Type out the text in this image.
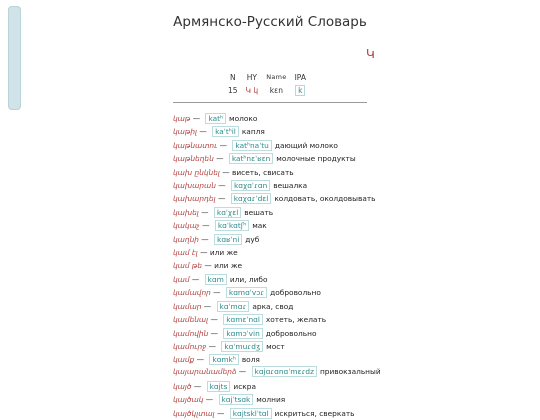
Армянско-Русский Словарь
Կ
N	HY	Name	IPA
15	Կ կ	kɛn	k
կաթ — katʰ молоко
կաթիլ — kaˈtʰil капля
կաթնատու — katʰnaˈtu дающий молоко
կաթնեղեն — katʰnɛˈʁɛn молочные продукты
կախ ընկնել — висеть, свисать
կախարան — kɑχɑˈɾɑn вешалка
կախարդել — kɑχɑɾˈdɛl колдовать, околдовывать
կախել — kɑˈχɛl вешать
կակաչ — kɑˈkɑtʃʰ мак
կաղնի — kɑʁˈni дуб
կամ էլ — или же
կամ թե — или же
կամ — kɑm или, либо
կամավոր — kɑmɑˈvɔɾ добровольно
կամար — kɑˈmɑɾ арка, свод
կամենալ — kɑmɛˈnɑl хотеть, желать
կամովին — kɑmɔˈvin добровольно
կամուրջ — kɑˈmuɾdʒ мост
կամք — kɑmkʰ воля
կայարանամերձ — kɑjɑɾɑnɑˈmɛɾdz привокзальный
կայծ — kɑjts искра
կայծակ — kɑjˈtsɑk молния
կայծկլտալ — kɑjtsklˈtɑl искриться, сверкать
